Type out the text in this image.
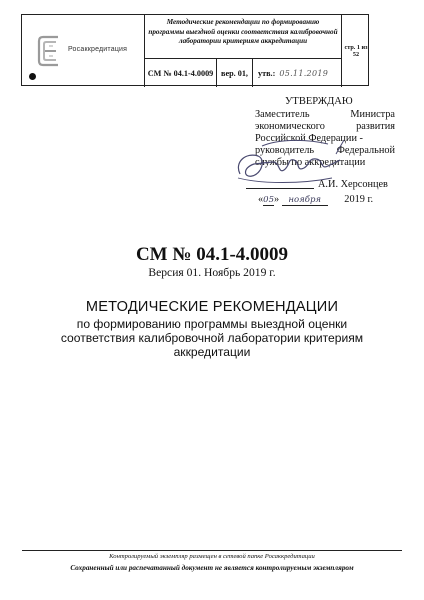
Росаккредитация
Методические рекомендации по формированию программы выездной оценки соответствия калибровочной лаборатории критериям аккредитации
стр. 1 из 52
СМ № 04.1-4.0009 вер. 01,	утв.: 05.11.2019
УТВЕРЖДАЮ
Заместитель	Министра
экономического	развития
Российской Федерации -
руководитель Федеральной
службы по аккредитации
А.И. Херсонцев
«05» ноября 2019 г.
СМ № 04.1-4.0009
Версия 01. Ноябрь 2019 г.
МЕТОДИЧЕСКИЕ РЕКОМЕНДАЦИИ
по формированию программы выездной оценки соответствия калибровочной лаборатории критериям аккредитации
Контролируемый экземпляр размещен в сетевой папке Росаккредитации
Сохраненный или распечатанный документ не является контролируемым экземпляром
